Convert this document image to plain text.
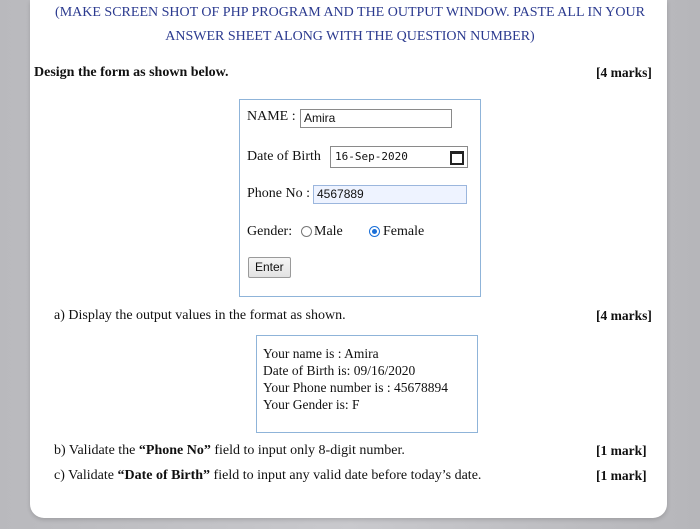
(MAKE SCREEN SHOT OF PHP PROGRAM AND THE OUTPUT WINDOW. PASTE ALL IN YOUR
ANSWER SHEET ALONG WITH THE QUESTION NUMBER)
Design the form as shown below.	[4 marks]
NAME : Amira
Date of Birth	16-Sep-2020
Phone No : 4567889
Gender: Male	Female
Enter
a) Display the output values in the format as shown.	[4 marks]
Your name is : Amira
Date of Birth is: 09/16/2020
Your Phone number is : 45678894
Your Gender is: F
b) Validate the “Phone No” field to input only 8-digit number.	[1 mark]
c) Validate “Date of Birth” field to input any valid date before today’s date.	[1 mark]
